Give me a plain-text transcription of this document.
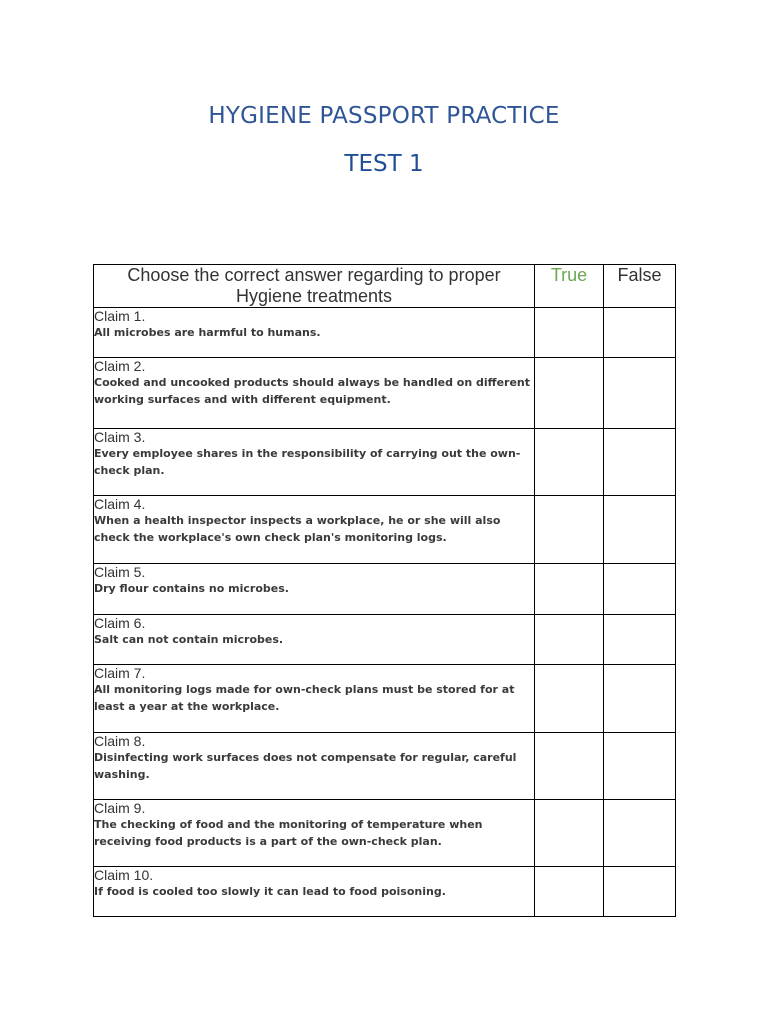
HYGIENE PASSPORT PRACTICE
TEST 1
Choose the correct answer regarding to proper Hygiene treatments	True	False

Claim 1.
All microbes are harmful to humans.		

Claim 2.
Cooked and uncooked products should always be handled on different working surfaces and with different equipment.		

Claim 3.
Every employee shares in the responsibility of carrying out the own-check plan.		

Claim 4.
When a health inspector inspects a workplace, he or she will also check the workplace's own check plan's monitoring logs.		

Claim 5.
Dry flour contains no microbes.		

Claim 6.
Salt can not contain microbes.		

Claim 7.
All monitoring logs made for own-check plans must be stored for at least a year at the workplace.		

Claim 8.
Disinfecting work surfaces does not compensate for regular, careful washing.		

Claim 9.
The checking of food and the monitoring of temperature when receiving food products is a part of the own-check plan.		

Claim 10.
If food is cooled too slowly it can lead to food poisoning.		
